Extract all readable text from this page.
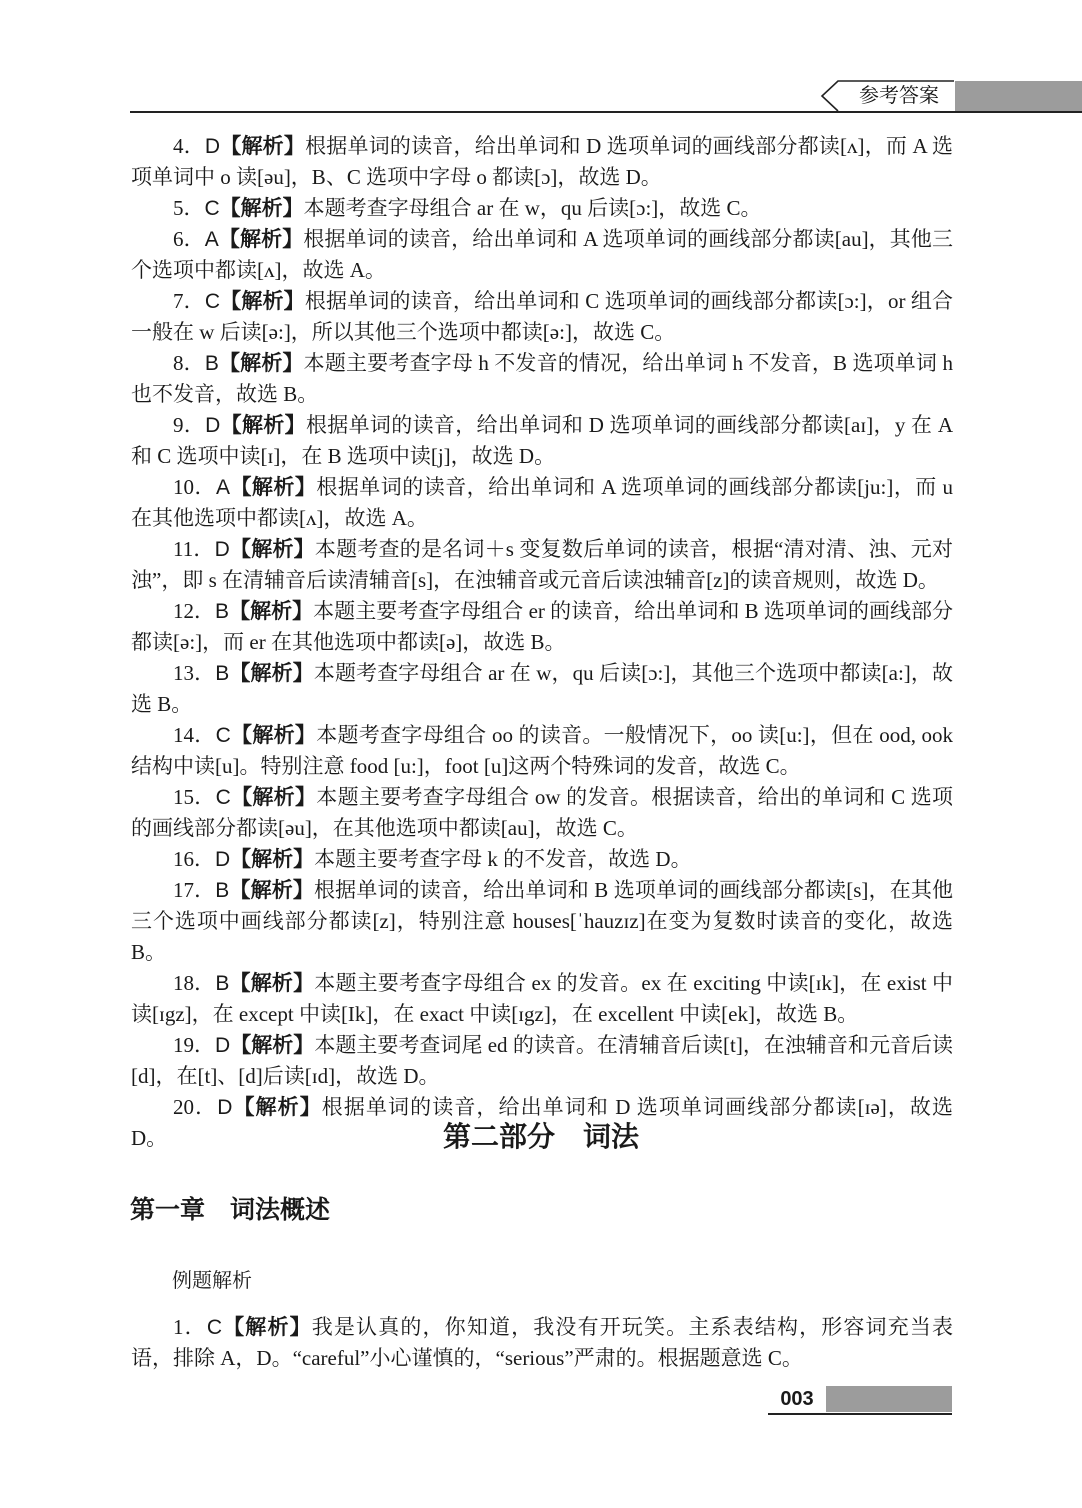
参考答案

4．D【解析】根据单词的读音，给出单词和 D 选项单词的画线部分都读[ʌ]，而 A 选项单词中 o 读[əu]，B、C 选项中字母 o 都读[ɔ]，故选 D。

5．C【解析】本题考查字母组合 ar 在 w，qu 后读[ɔ:]，故选 C。

6．A【解析】根据单词的读音，给出单词和 A 选项单词的画线部分都读[au]，其他三个选项中都读[ʌ]，故选 A。

7．C【解析】根据单词的读音，给出单词和 C 选项单词的画线部分都读[ɔ:]，or 组合一般在 w 后读[ə:]，所以其他三个选项中都读[ə:]，故选 C。

8．B【解析】本题主要考查字母 h 不发音的情况，给出单词 h 不发音，B 选项单词 h 也不发音，故选 B。

9．D【解析】根据单词的读音，给出单词和 D 选项单词的画线部分都读[aɪ]，y 在 A 和 C 选项中读[ɪ]，在 B 选项中读[j]，故选 D。

10．A【解析】根据单词的读音，给出单词和 A 选项单词的画线部分都读[ju:]，而 u 在其他选项中都读[ʌ]，故选 A。

11．D【解析】本题考查的是名词＋s 变复数后单词的读音，根据“清对清、浊、元对浊”，即 s 在清辅音后读清辅音[s]，在浊辅音或元音后读浊辅音[z]的读音规则，故选 D。

12．B【解析】本题主要考查字母组合 er 的读音，给出单词和 B 选项单词的画线部分都读[ə:]，而 er 在其他选项中都读[ə]，故选 B。

13．B【解析】本题考查字母组合 ar 在 w，qu 后读[ɔ:]，其他三个选项中都读[a:]，故选 B。

14．C【解析】本题考查字母组合 oo 的读音。一般情况下，oo 读[u:]，但在 ood, ook 结构中读[u]。特别注意 food [u:]，foot [u]这两个特殊词的发音，故选 C。

15．C【解析】本题主要考查字母组合 ow 的发音。根据读音，给出的单词和 C 选项的画线部分都读[əu]，在其他选项中都读[au]，故选 C。

16．D【解析】本题主要考查字母 k 的不发音，故选 D。

17．B【解析】根据单词的读音，给出单词和 B 选项单词的画线部分都读[s]，在其他三个选项中画线部分都读[z]，特别注意 houses[ˈhauzɪz]在变为复数时读音的变化，故选 B。

18．B【解析】本题主要考查字母组合 ex 的发音。ex 在 exciting 中读[ɪk]，在 exist 中读[ɪgz]，在 except 中读[Ik]，在 exact 中读[ɪgz]，在 excellent 中读[ek]，故选 B。

19．D【解析】本题主要考查词尾 ed 的读音。在清辅音后读[t]，在浊辅音和元音后读[d]，在[t]、[d]后读[ɪd]，故选 D。

20．D【解析】根据单词的读音，给出单词和 D 选项单词画线部分都读[ɪə]，故选 D。	第二部分　词法
第一章　词法概述
例题解析

1．C【解析】我是认真的，你知道，我没有开玩笑。主系表结构，形容词充当表语，排除 A，D。“careful”小心谨慎的，“serious”严肃的。根据题意选 C。

003
